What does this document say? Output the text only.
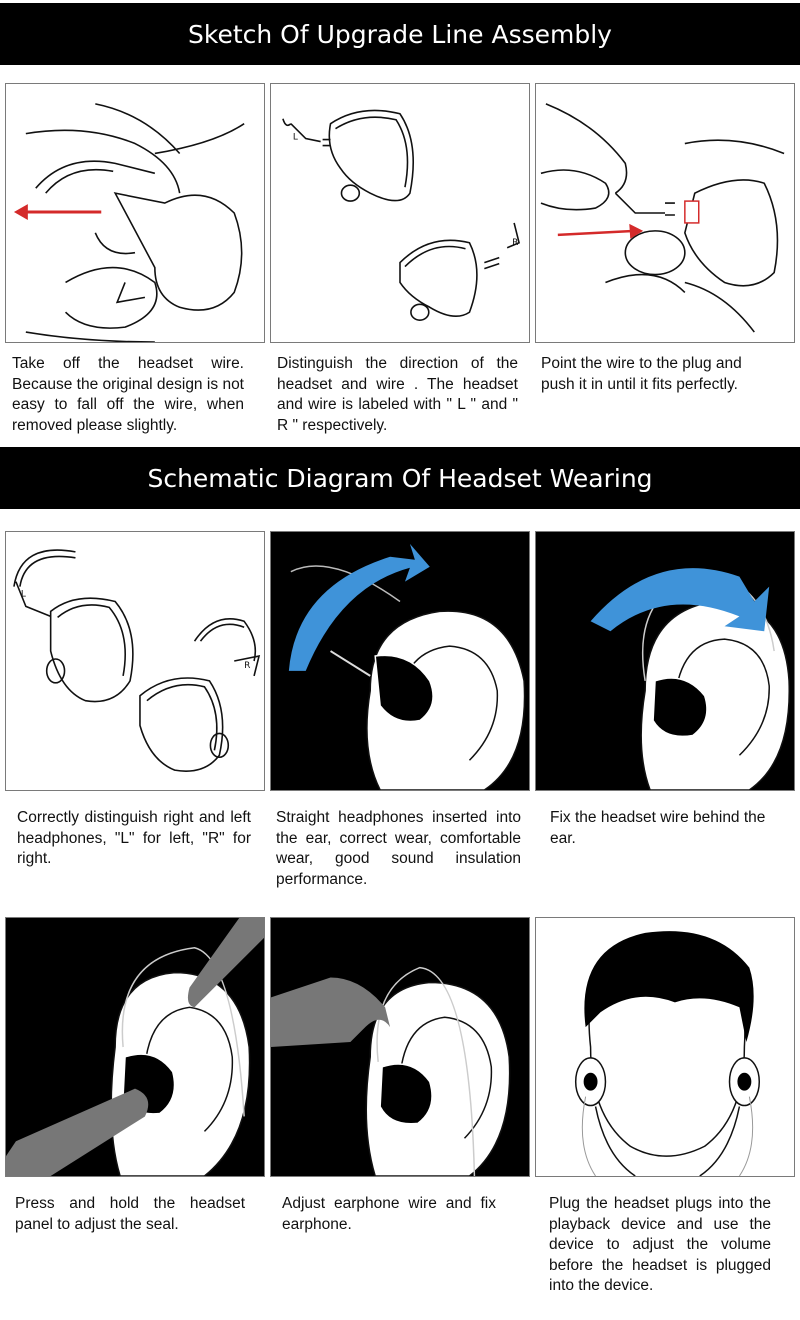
Sketch Of Upgrade Line Assembly
L
R
Take off the headset wire. Because the original design is not easy to fall off the wire, when removed please slightly.
Distinguish the direction of the headset and wire . The headset and wire is labeled with " L " and " R " respectively.
Point the wire to the plug and push it in until it fits perfectly.
Schematic Diagram Of Headset Wearing
L
R
Correctly distinguish right and left headphones, "L" for left, "R" for right.
Straight headphones inserted into the ear, correct wear, comfortable wear, good sound insulation performance.
Fix the headset wire behind the ear.
Press and hold the headset panel to adjust the seal.
Adjust earphone wire and fix earphone.
Plug the headset plugs into the playback device and use the device to adjust the volume before the headset is plugged into the device.
